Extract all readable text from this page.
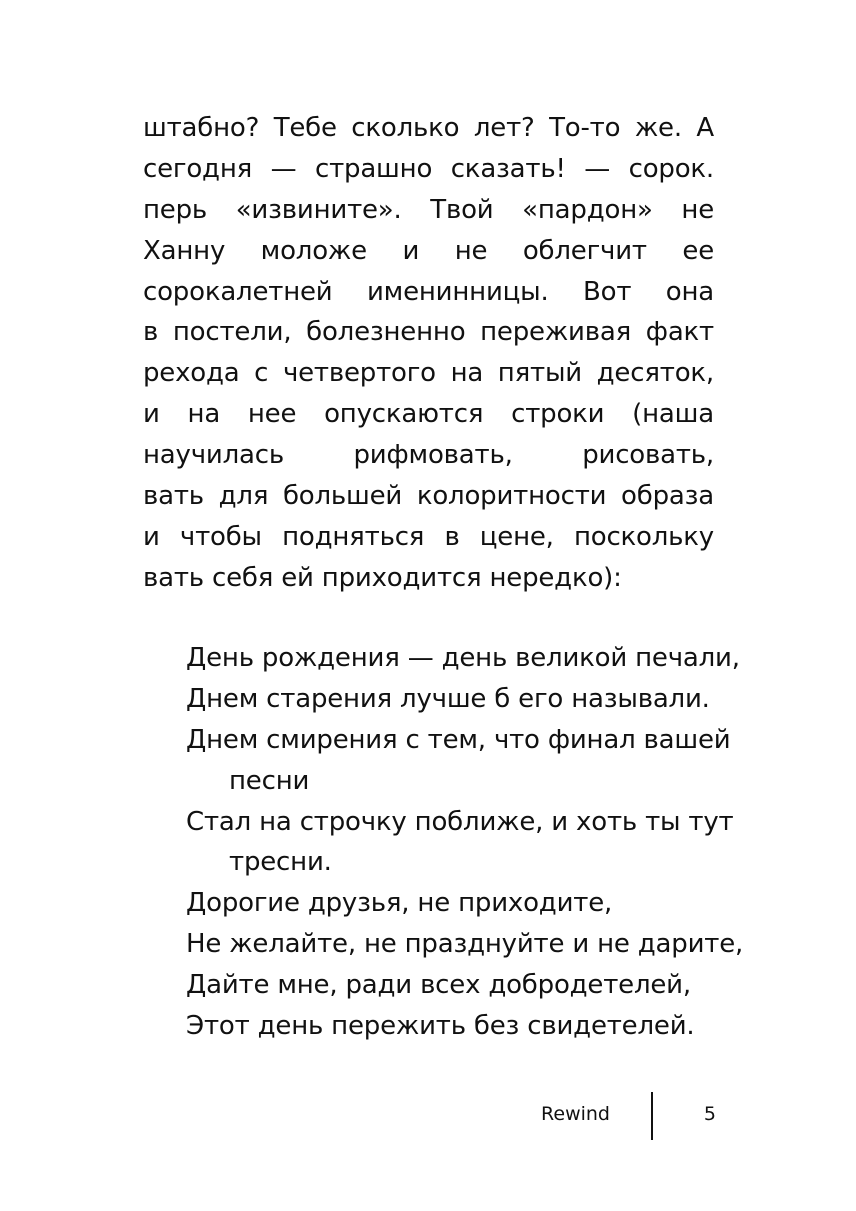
штабно? Тебе сколько лет? То-то же. А
сегодня — страшно сказать! — сорок.
перь «извините». Твой «пардон» не
Ханну моложе и не облегчит ее
сорокалетней именинницы. Вот она
в постели, болезненно переживая факт
рехода с четвертого на пятый десяток,
и на нее опускаются строки (наша
научилась рифмовать, рисовать,
вать для большей колоритности образа
и чтобы подняться в цене, поскольку
вать себя ей приходится нередко):
День рождения — день великой печали,
Днем старения лучше б его называли.
Днем смирения с тем, что финал вашей
песни
Стал на строчку поближе, и хоть ты тут
тресни.
Дорогие друзья, не приходите,
Не желайте, не празднуйте и не дарите,
Дайте мне, ради всех добродетелей,
Этот день пережить без свидетелей.
Rewind	5
